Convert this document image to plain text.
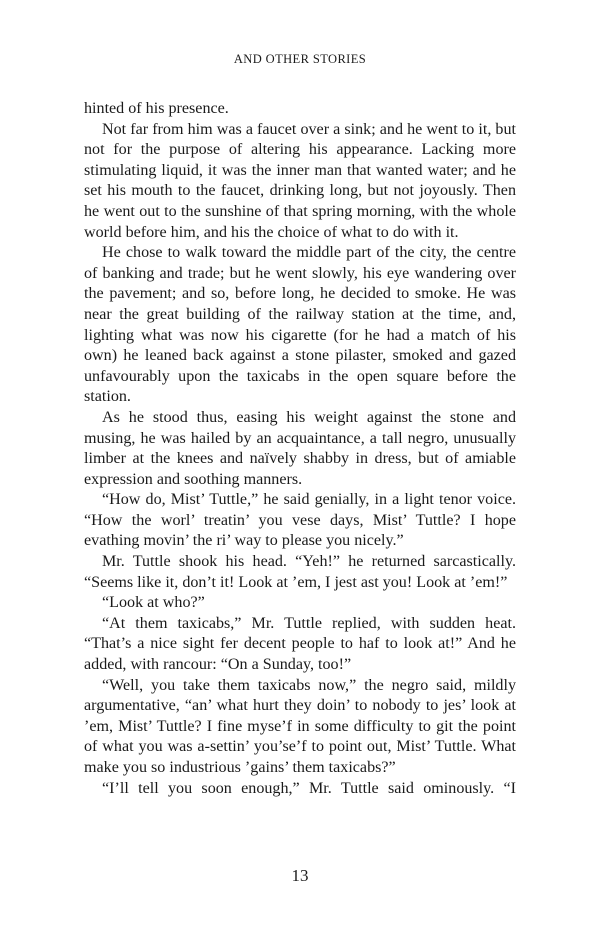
AND OTHER STORIES

hinted of his presence.

Not far from him was a faucet over a sink; and he went to it, but not for the purpose of altering his appearance. Lacking more stimulating liquid, it was the inner man that wanted water; and he set his mouth to the faucet, drinking long, but not joyously. Then he went out to the sunshine of that spring morning, with the whole world before him, and his the choice of what to do with it.

He chose to walk toward the middle part of the city, the centre of banking and trade; but he went slowly, his eye wandering over the pavement; and so, before long, he decided to smoke. He was near the great building of the railway station at the time, and, lighting what was now his cigarette (for he had a match of his own) he leaned back against a stone pilaster, smoked and gazed unfavourably upon the taxicabs in the open square before the station.

As he stood thus, easing his weight against the stone and musing, he was hailed by an acquaintance, a tall negro, unusually limber at the knees and naïvely shabby in dress, but of amiable expression and soothing manners.

“How do, Mist’ Tuttle,” he said genially, in a light tenor voice. “How the worl’ treatin’ you vese days, Mist’ Tuttle? I hope evathing movin’ the ri’ way to please you nicely.”

Mr. Tuttle shook his head. “Yeh!” he returned sarcastically. “Seems like it, don’t it! Look at ’em, I jest ast you! Look at ’em!”

“Look at who?”

“At them taxicabs,” Mr. Tuttle replied, with sudden heat. “That’s a nice sight fer decent people to haf to look at!” And he added, with rancour: “On a Sunday, too!”

“Well, you take them taxicabs now,” the negro said, mildly argumentative, “an’ what hurt they doin’ to nobody to jes’ look at ’em, Mist’ Tuttle? I fine myse’f in some difficulty to git the point of what you was a-settin’ you’se’f to point out, Mist’ Tuttle. What make you so industrious ’gains’ them taxicabs?”

“I’ll tell you soon enough,” Mr. Tuttle said ominously. “I

13
